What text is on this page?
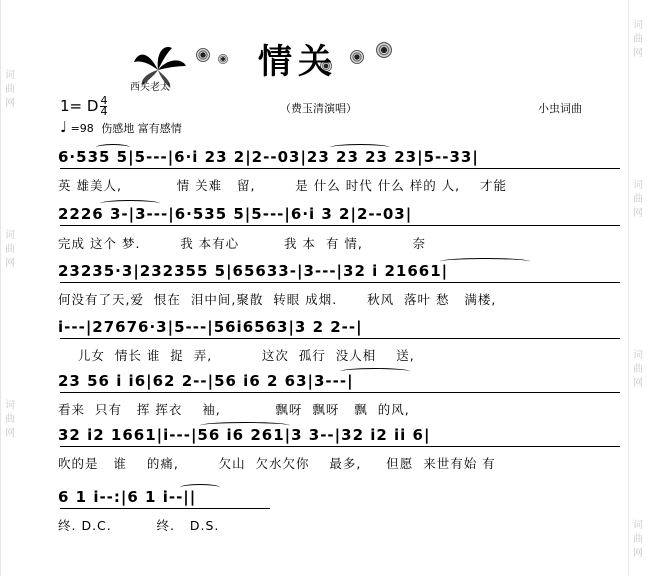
词
曲
网
词
曲
网
词
曲
网
词
曲
网
词
曲
网
词
曲
网
词
曲
网
西关老太
情关
1= D $\frac{4}{4}$
♩ =98 伤感地 富有感情
（费玉清演唱）	小虫词曲
6·535 5|5---|6·i 23 2|2--03|23 23 23 23|5--33|
英 雄美人,           情 关难   留,        是 什么 时代 什么 样的 人,    才能
2226 3-|3---|6·535 5|5---|6·i 3 2|2--03|
完成 这个 梦.        我 本有心         我 本  有 情,          奈
23235·3|232355 5|65633-|3---|32 i 21661|
何没有了天,爱  恨在  泪中间,聚散  转眼 成烟.      秋风  落叶 愁   满楼,
i---|27676·3|5---|56i6563|3 2 2--|
儿女  情长 谁  捉  弄,          这次  孤行  没人相    送,
23 56 i i6|62 2--|56 i6 2 63|3---|
看来  只有   挥 挥衣    袖,           飘呀  飘呀   飘  的风,
32 i2 1661|i---|56 i6 261|3 3--|32 i2 ii 6|
吹的是   谁    的痛,        欠山  欠水欠你    最多,     但愿  来世有始 有
6 1 i--:|6 1 i--||
终. D.C.         终.   D.S.
